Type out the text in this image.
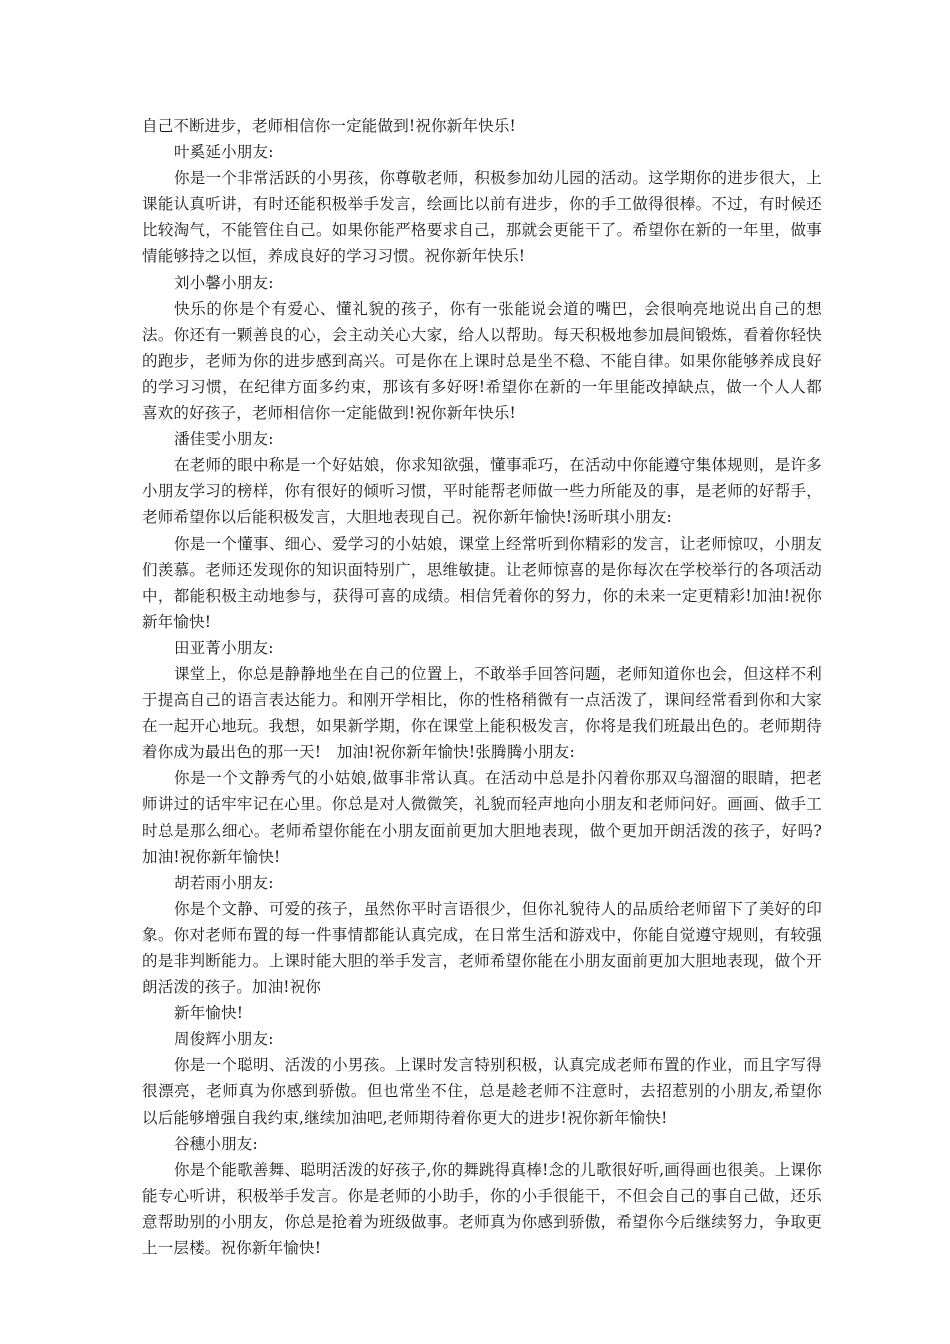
自己不断进步，老师相信你一定能做到!祝你新年快乐!

叶奚延小朋友:

你是一个非常活跃的小男孩，你尊敬老师，积极参加幼儿园的活动。这学期你的进步很大，上课能认真听讲，有时还能积极举手发言，绘画比以前有进步，你的手工做得很棒。不过，有时候还比较淘气，不能管住自己。如果你能严格要求自己，那就会更能干了。希望你在新的一年里，做事情能够持之以恒，养成良好的学习习惯。祝你新年快乐!

刘小馨小朋友:

快乐的你是个有爱心、懂礼貌的孩子，你有一张能说会道的嘴巴，会很响亮地说出自己的想法。你还有一颗善良的心，会主动关心大家，给人以帮助。每天积极地参加晨间锻炼，看着你轻快的跑步，老师为你的进步感到高兴。可是你在上课时总是坐不稳、不能自律。如果你能够养成良好的学习习惯，在纪律方面多约束，那该有多好呀!希望你在新的一年里能改掉缺点，做一个人人都喜欢的好孩子，老师相信你一定能做到!祝你新年快乐!

潘佳雯小朋友:

在老师的眼中称是一个好姑娘，你求知欲强，懂事乖巧，在活动中你能遵守集体规则，是许多小朋友学习的榜样，你有很好的倾听习惯，平时能帮老师做一些力所能及的事，是老师的好帮手，老师希望你以后能积极发言，大胆地表现自己。祝你新年愉快!汤昕琪小朋友:

你是一个懂事、细心、爱学习的小姑娘，课堂上经常听到你精彩的发言，让老师惊叹，小朋友们羡慕。老师还发现你的知识面特别广，思维敏捷。让老师惊喜的是你每次在学校举行的各项活动中，都能积极主动地参与，获得可喜的成绩。相信凭着你的努力，你的未来一定更精彩!加油!祝你新年愉快!

田亚菁小朋友:

课堂上，你总是静静地坐在自己的位置上，不敢举手回答问题，老师知道你也会，但这样不利于提高自己的语言表达能力。和刚开学相比，你的性格稍微有一点活泼了，课间经常看到你和大家在一起开心地玩。我想，如果新学期，你在课堂上能积极发言，你将是我们班最出色的。老师期待着你成为最出色的那一天!　加油!祝你新年愉快!张腾腾小朋友:

你是一个文静秀气的小姑娘,做事非常认真。在活动中总是扑闪着你那双乌溜溜的眼睛，把老师讲过的话牢牢记在心里。你总是对人微微笑，礼貌而轻声地向小朋友和老师问好。画画、做手工时总是那么细心。老师希望你能在小朋友面前更加大胆地表现，做个更加开朗活泼的孩子，好吗?加油!祝你新年愉快!

胡若雨小朋友:

你是个文静、可爱的孩子，虽然你平时言语很少，但你礼貌待人的品质给老师留下了美好的印象。你对老师布置的每一件事情都能认真完成，在日常生活和游戏中，你能自觉遵守规则，有较强的是非判断能力。上课时能大胆的举手发言，老师希望你能在小朋友面前更加大胆地表现，做个开朗活泼的孩子。加油!祝你

新年愉快!

周俊辉小朋友:

你是一个聪明、活泼的小男孩。上课时发言特别积极，认真完成老师布置的作业，而且字写得很漂亮，老师真为你感到骄傲。但也常坐不住，总是趁老师不注意时，去招惹别的小朋友,希望你以后能够增强自我约束,继续加油吧,老师期待着你更大的进步!祝你新年愉快!

谷穗小朋友:

你是个能歌善舞、聪明活泼的好孩子,你的舞跳得真棒!念的儿歌很好听,画得画也很美。上课你能专心听讲，积极举手发言。你是老师的小助手，你的小手很能干，不但会自己的事自己做，还乐意帮助别的小朋友，你总是抢着为班级做事。老师真为你感到骄傲，希望你今后继续努力，争取更上一层楼。祝你新年愉快!
